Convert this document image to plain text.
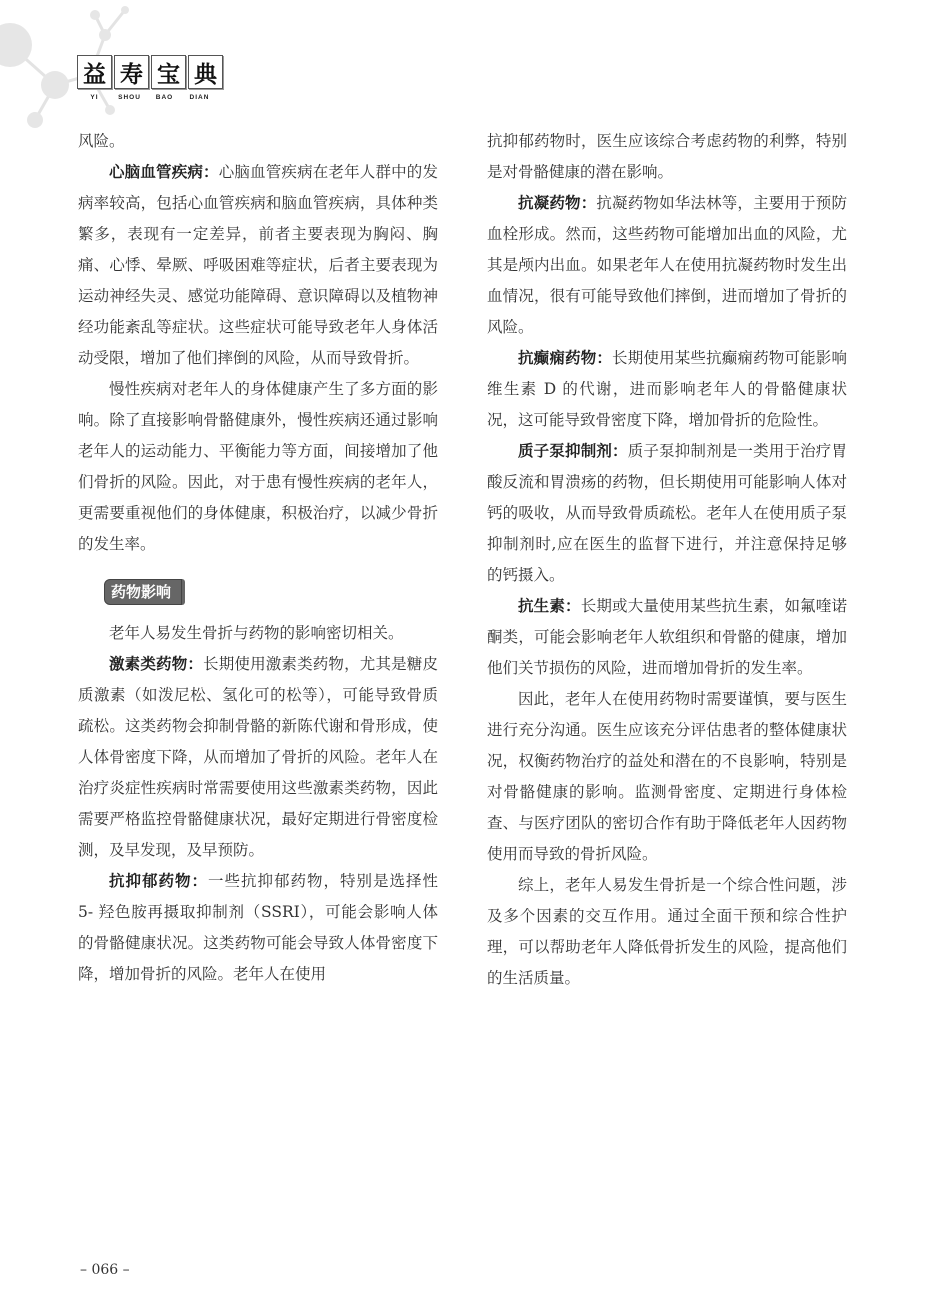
益 寿 宝 典
YI	SHOU	BAO	DIAN

风险。

心脑血管疾病：心脑血管疾病在老年人群中的发病率较高，包括心血管疾病和脑血管疾病，具体种类繁多，表现有一定差异，前者主要表现为胸闷、胸痛、心悸、晕厥、呼吸困难等症状，后者主要表现为运动神经失灵、感觉功能障碍、意识障碍以及植物神经功能紊乱等症状。这些症状可能导致老年人身体活动受限，增加了他们摔倒的风险，从而导致骨折。

慢性疾病对老年人的身体健康产生了多方面的影响。除了直接影响骨骼健康外，慢性疾病还通过影响老年人的运动能力、平衡能力等方面，间接增加了他们骨折的风险。因此，对于患有慢性疾病的老年人，更需要重视他们的身体健康，积极治疗，以减少骨折的发生率。

药物影响

老年人易发生骨折与药物的影响密切相关。

激素类药物：长期使用激素类药物，尤其是糖皮质激素（如泼尼松、氢化可的松等），可能导致骨质疏松。这类药物会抑制骨骼的新陈代谢和骨形成，使人体骨密度下降，从而增加了骨折的风险。老年人在治疗炎症性疾病时常需要使用这些激素类药物，因此需要严格监控骨骼健康状况，最好定期进行骨密度检测，及早发现，及早预防。

抗抑郁药物：一些抗抑郁药物，特别是选择性 5- 羟色胺再摄取抑制剂（SSRI），可能会影响人体的骨骼健康状况。这类药物可能会导致人体骨密度下降，增加骨折的风险。老年人在使用

抗抑郁药物时，医生应该综合考虑药物的利弊，特别是对骨骼健康的潜在影响。

抗凝药物：抗凝药物如华法林等，主要用于预防血栓形成。然而，这些药物可能增加出血的风险，尤其是颅内出血。如果老年人在使用抗凝药物时发生出血情况，很有可能导致他们摔倒，进而增加了骨折的风险。

抗癫痫药物：长期使用某些抗癫痫药物可能影响维生素 D 的代谢，进而影响老年人的骨骼健康状况，这可能导致骨密度下降，增加骨折的危险性。

质子泵抑制剂：质子泵抑制剂是一类用于治疗胃酸反流和胃溃疡的药物，但长期使用可能影响人体对钙的吸收，从而导致骨质疏松。老年人在使用质子泵抑制剂时,应在医生的监督下进行，并注意保持足够的钙摄入。

抗生素：长期或大量使用某些抗生素，如氟喹诺酮类，可能会影响老年人软组织和骨骼的健康，增加他们关节损伤的风险，进而增加骨折的发生率。

因此，老年人在使用药物时需要谨慎，要与医生进行充分沟通。医生应该充分评估患者的整体健康状况，权衡药物治疗的益处和潜在的不良影响，特别是对骨骼健康的影响。监测骨密度、定期进行身体检查、与医疗团队的密切合作有助于降低老年人因药物使用而导致的骨折风险。

综上，老年人易发生骨折是一个综合性问题，涉及多个因素的交互作用。通过全面干预和综合性护理，可以帮助老年人降低骨折发生的风险，提高他们的生活质量。

– 066 –
